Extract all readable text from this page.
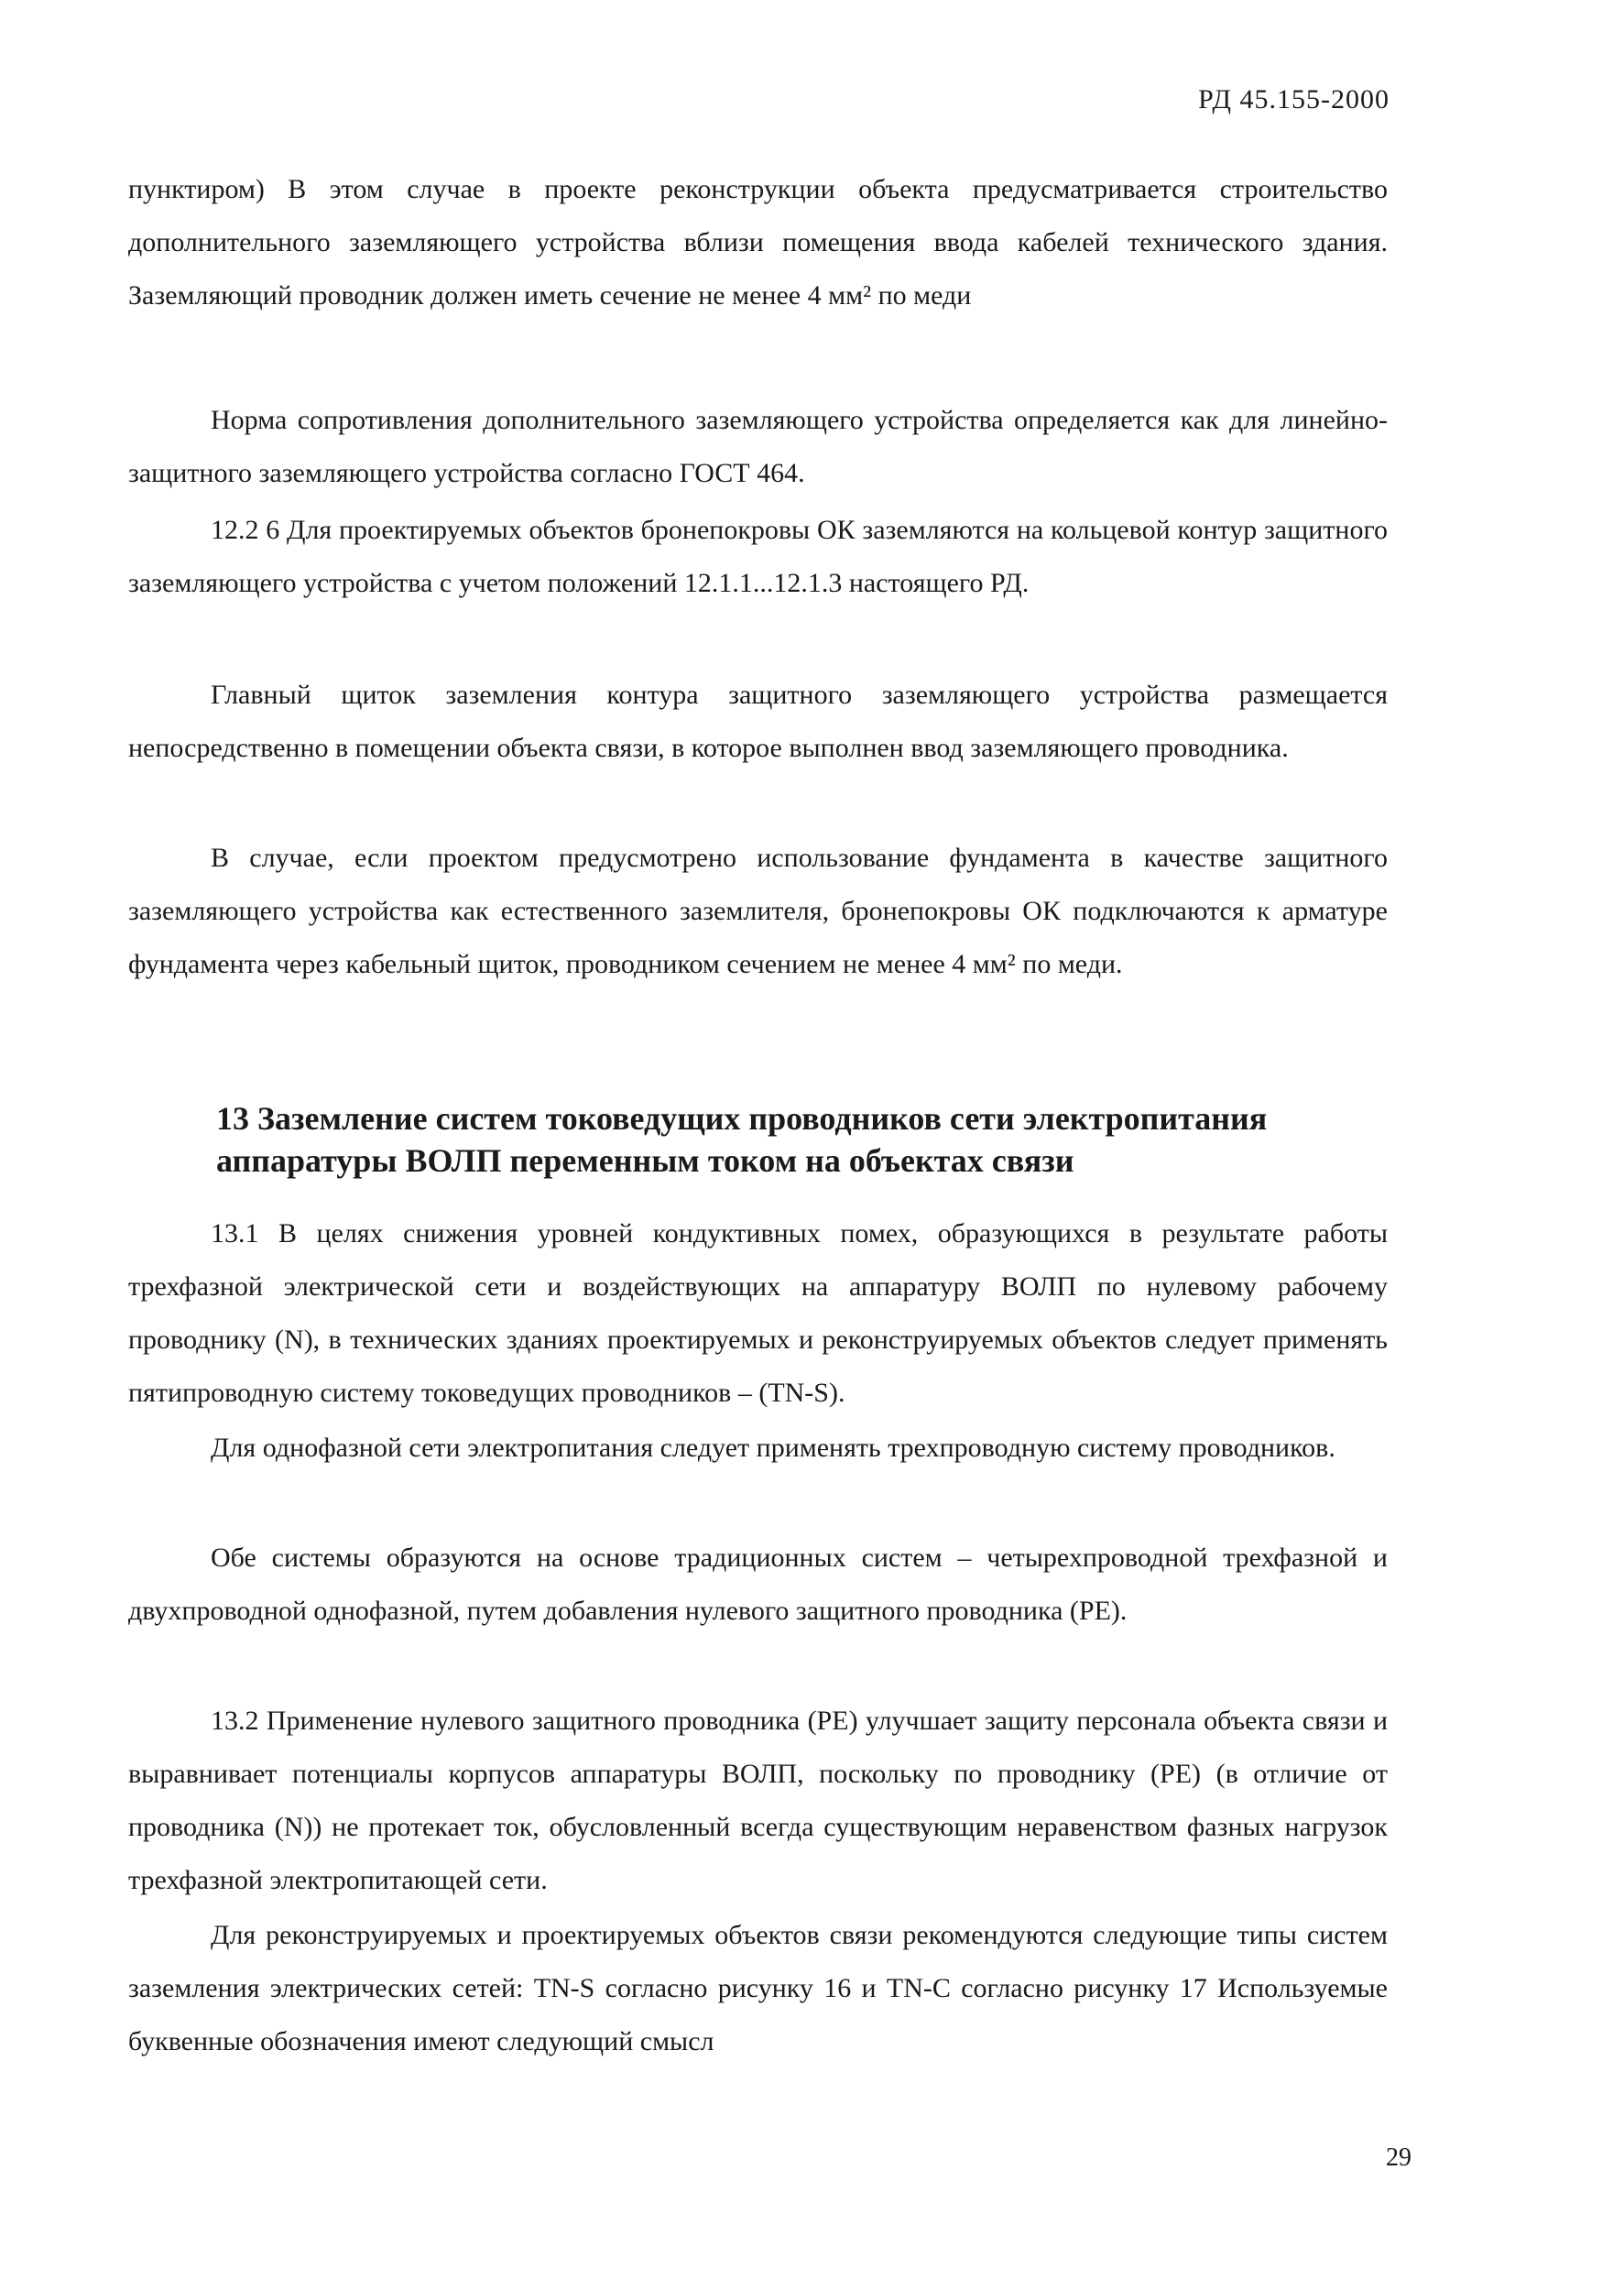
РД 45.155-2000

пунктиром) В этом случае в проекте реконструкции объекта предусматривается строительство дополнительного заземляющего устройства вблизи помещения ввода кабелей технического здания. Заземляющий проводник должен иметь сечение не менее 4 мм² по меди

Норма сопротивления дополнительного заземляющего устройства определяется как для линейно-защитного заземляющего устройства согласно ГОСТ 464.

12.2 6 Для проектируемых объектов бронепокровы ОК заземляются на кольцевой контур защитного заземляющего устройства с учетом положений 12.1.1...12.1.3 настоящего РД.

Главный щиток заземления контура защитного заземляющего устройства размещается непосредственно в помещении объекта связи, в которое выполнен ввод заземляющего проводника.

В случае, если проектом предусмотрено использование фундамента в качестве защитного заземляющего устройства как естественного заземлителя, бронепокровы ОК подключаются к арматуре фундамента через кабельный щиток, проводником сечением не менее 4 мм² по меди.

13 Заземление систем токоведущих проводников сети электропитания аппаратуры ВОЛП переменным током на объектах связи

13.1 В целях снижения уровней кондуктивных помех, образующихся в результате работы трехфазной электрической сети и воздействующих на аппаратуру ВОЛП по нулевому рабочему проводнику (N), в технических зданиях проектируемых и реконструируемых объектов следует применять пятипроводную систему токоведущих проводников – (TN-S).

Для однофазной сети электропитания следует применять трехпроводную систему проводников.

Обе системы образуются на основе традиционных систем – четырехпроводной трехфазной и двухпроводной однофазной, путем добавления нулевого защитного проводника (PE).

13.2 Применение нулевого защитного проводника (PE) улучшает защиту персонала объекта связи и выравнивает потенциалы корпусов аппаратуры ВОЛП, поскольку по проводнику (PE) (в отличие от проводника (N)) не протекает ток, обусловленный всегда существующим неравенством фазных нагрузок трехфазной электропитающей сети.

Для реконструируемых и проектируемых объектов связи рекомендуются следующие типы систем заземления электрических сетей: TN-S согласно рисунку 16 и TN-C согласно рисунку 17 Используемые буквенные обозначения имеют следующий смысл

29
